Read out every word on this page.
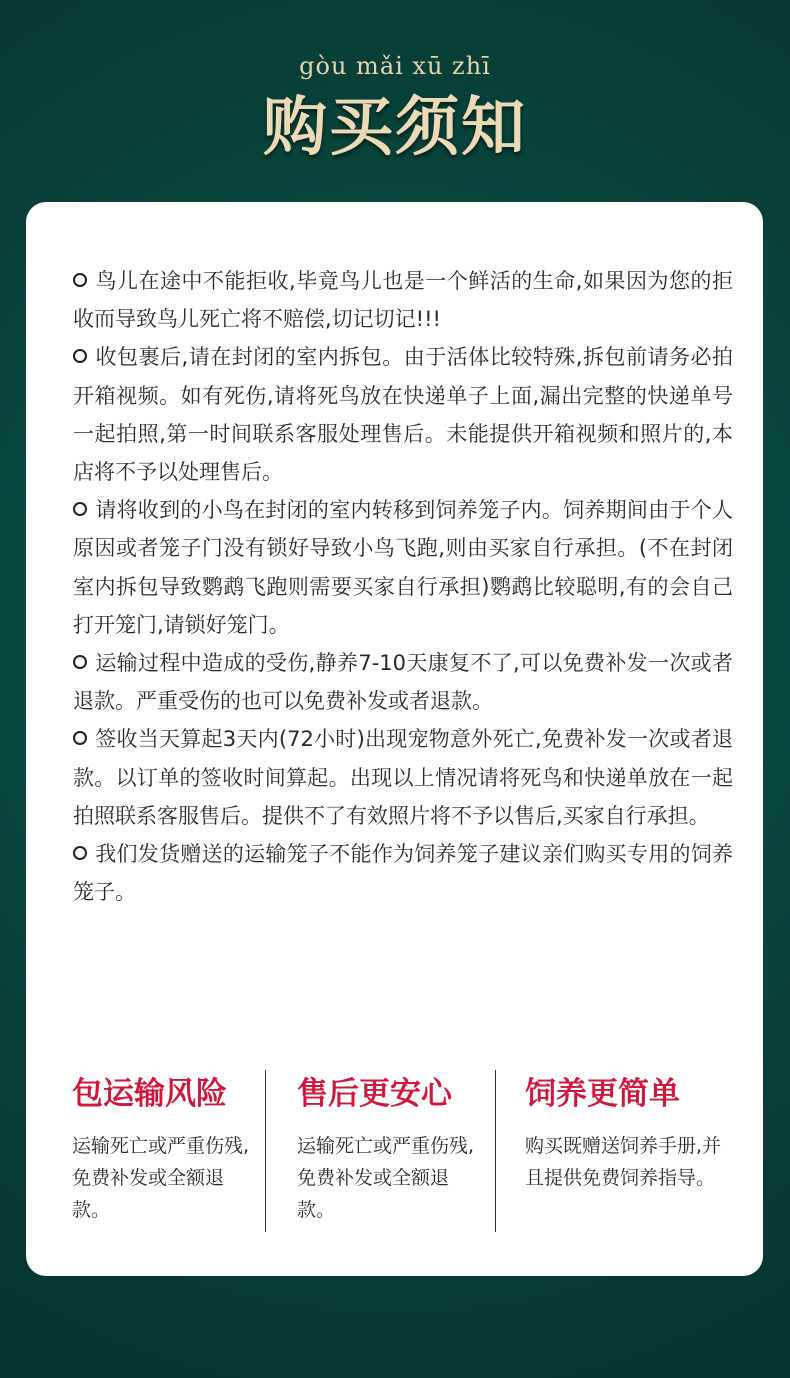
gòu mǎi xū zhī
购买须知

鸟儿在途中不能拒收,毕竟鸟儿也是一个鲜活的生命,如果因为您的拒收而导致鸟儿死亡将不赔偿,切记切记!!!

收包裹后,请在封闭的室内拆包。由于活体比较特殊,拆包前请务必拍开箱视频。如有死伤,请将死鸟放在快递单子上面,漏出完整的快递单号一起拍照,第一时间联系客服处理售后。未能提供开箱视频和照片的,本店将不予以处理售后。

请将收到的小鸟在封闭的室内转移到饲养笼子内。饲养期间由于个人原因或者笼子门没有锁好导致小鸟飞跑,则由买家自行承担。(不在封闭室内拆包导致鹦鹉飞跑则需要买家自行承担)鹦鹉比较聪明,有的会自己打开笼门,请锁好笼门。

运输过程中造成的受伤,静养7-10天康复不了,可以免费补发一次或者退款。严重受伤的也可以免费补发或者退款。

签收当天算起3天内(72小时)出现宠物意外死亡,免费补发一次或者退款。以订单的签收时间算起。出现以上情况请将死鸟和快递单放在一起拍照联系客服售后。提供不了有效照片将不予以售后,买家自行承担。

我们发货赠送的运输笼子不能作为饲养笼子建议亲们购买专用的饲养笼子。

包运输风险
运输死亡或严重伤残,免费补发或全额退款。
售后更安心
运输死亡或严重伤残,免费补发或全额退款。
饲养更简单
购买既赠送饲养手册,并且提供免费饲养指导。
